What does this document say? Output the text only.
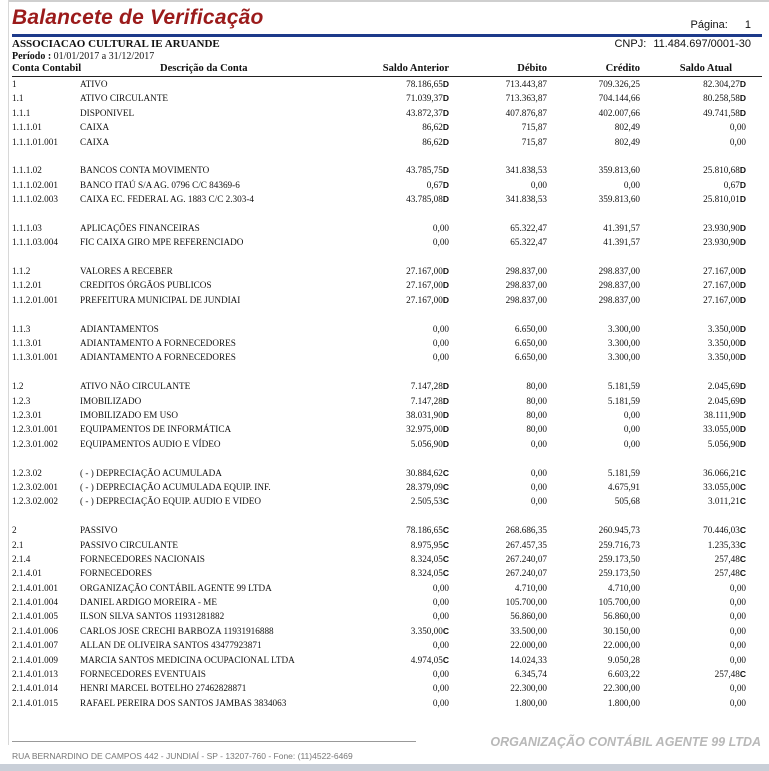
Balancete de Verificação	Página: 1
ASSOCIACAO CULTURAL IE ARUANDE	CNPJ: 11.484.697/0001-30
Período : 01/01/2017 a 31/12/2017
Conta Contabil	Descrição da Conta	Saldo Anterior	Débito	Crédito	Saldo Atual
1	ATIVO	78.186,65D	713.443,87	709.326,25	82.304,27D
1.1	ATIVO CIRCULANTE	71.039,37D	713.363,87	704.144,66	80.258,58D
1.1.1	DISPONIVEL	43.872,37D	407.876,87	402.007,66	49.741,58D
1.1.1.01	CAIXA	86,62D	715,87	802,49	0,00
1.1.1.01.001 CAIXA	86,62D	715,87	802,49	0,00
1.1.1.02	BANCOS CONTA MOVIMENTO	43.785,75D	341.838,53	359.813,60	25.810,68D
1.1.1.02.001 BANCO ITAÚ S/A AG. 0796 C/C 84369-6	0,67D	0,00	0,00	0,67D
1.1.1.02.003 CAIXA EC. FEDERAL AG. 1883 C/C 2.303-4	43.785,08D	341.838,53	359.813,60	25.810,01D
1.1.1.03	APLICAÇÕES FINANCEIRAS	0,00	65.322,47	41.391,57	23.930,90D
1.1.1.03.004 FIC CAIXA GIRO MPE REFERENCIADO	0,00	65.322,47	41.391,57	23.930,90D
1.1.2	VALORES A RECEBER	27.167,00D	298.837,00	298.837,00	27.167,00D
1.1.2.01	CREDITOS ÓRGÃOS PUBLICOS	27.167,00D	298.837,00	298.837,00	27.167,00D
1.1.2.01.001 PREFEITURA MUNICIPAL DE JUNDIAI	27.167,00D	298.837,00	298.837,00	27.167,00D
1.1.3	ADIANTAMENTOS	0,00	6.650,00	3.300,00	3.350,00D
1.1.3.01	ADIANTAMENTO A FORNECEDORES	0,00	6.650,00	3.300,00	3.350,00D
1.1.3.01.001 ADIANTAMENTO A FORNECEDORES	0,00	6.650,00	3.300,00	3.350,00D
1.2	ATIVO NÃO CIRCULANTE	7.147,28D	80,00	5.181,59	2.045,69D
1.2.3	IMOBILIZADO	7.147,28D	80,00	5.181,59	2.045,69D
1.2.3.01	IMOBILIZADO EM USO	38.031,90D	80,00	0,00	38.111,90D
1.2.3.01.001 EQUIPAMENTOS DE INFORMÁTICA	32.975,00D	80,00	0,00	33.055,00D
1.2.3.01.002 EQUIPAMENTOS AUDIO E VÍDEO	5.056,90D	0,00	0,00	5.056,90D
1.2.3.02	( - ) DEPRECIAÇÃO ACUMULADA	30.884,62C	0,00	5.181,59	36.066,21C
1.2.3.02.001 ( - ) DEPRECIAÇÃO ACUMULADA EQUIP. INF.	28.379,09C	0,00	4.675,91	33.055,00C
1.2.3.02.002 ( - ) DEPRECIAÇÃO EQUIP. AUDIO E VIDEO	2.505,53C	0,00	505,68	3.011,21C
2	PASSIVO	78.186,65C	268.686,35	260.945,73	70.446,03C
2.1	PASSIVO CIRCULANTE	8.975,95C	267.457,35	259.716,73	1.235,33C
2.1.4	FORNECEDORES NACIONAIS	8.324,05C	267.240,07	259.173,50	257,48C
2.1.4.01	FORNECEDORES	8.324,05C	267.240,07	259.173,50	257,48C
2.1.4.01.001 ORGANIZAÇÃO CONTÁBIL AGENTE 99 LTDA	0,00	4.710,00	4.710,00	0,00
2.1.4.01.004 DANIEL ARDIGO MOREIRA - ME	0,00	105.700,00	105.700,00	0,00
2.1.4.01.005 ILSON SILVA SANTOS 11931281882	0,00	56.860,00	56.860,00	0,00
2.1.4.01.006 CARLOS JOSE CRECHI BARBOZA 11931916888	3.350,00C	33.500,00	30.150,00	0,00
2.1.4.01.007 ALLAN DE OLIVEIRA SANTOS 43477923871	0,00	22.000,00	22.000,00	0,00
2.1.4.01.009 MARCIA SANTOS MEDICINA OCUPACIONAL LTDA	4.974,05C	14.024,33	9.050,28	0,00
2.1.4.01.013 FORNECEDORES EVENTUAIS	0,00	6.345,74	6.603,22	257,48C
2.1.4.01.014 HENRI MARCEL BOTELHO 27462828871	0,00	22.300,00	22.300,00	0,00
2.1.4.01.015 RAFAEL PEREIRA DOS SANTOS JAMBAS 3834063	0,00	1.800,00	1.800,00	0,00
ORGANIZAÇÃO CONTÁBIL AGENTE 99 LTDA
RUA BERNARDINO DE CAMPOS 442 - JUNDIAÍ - SP - 13207-760 - Fone: (11)4522-6469
